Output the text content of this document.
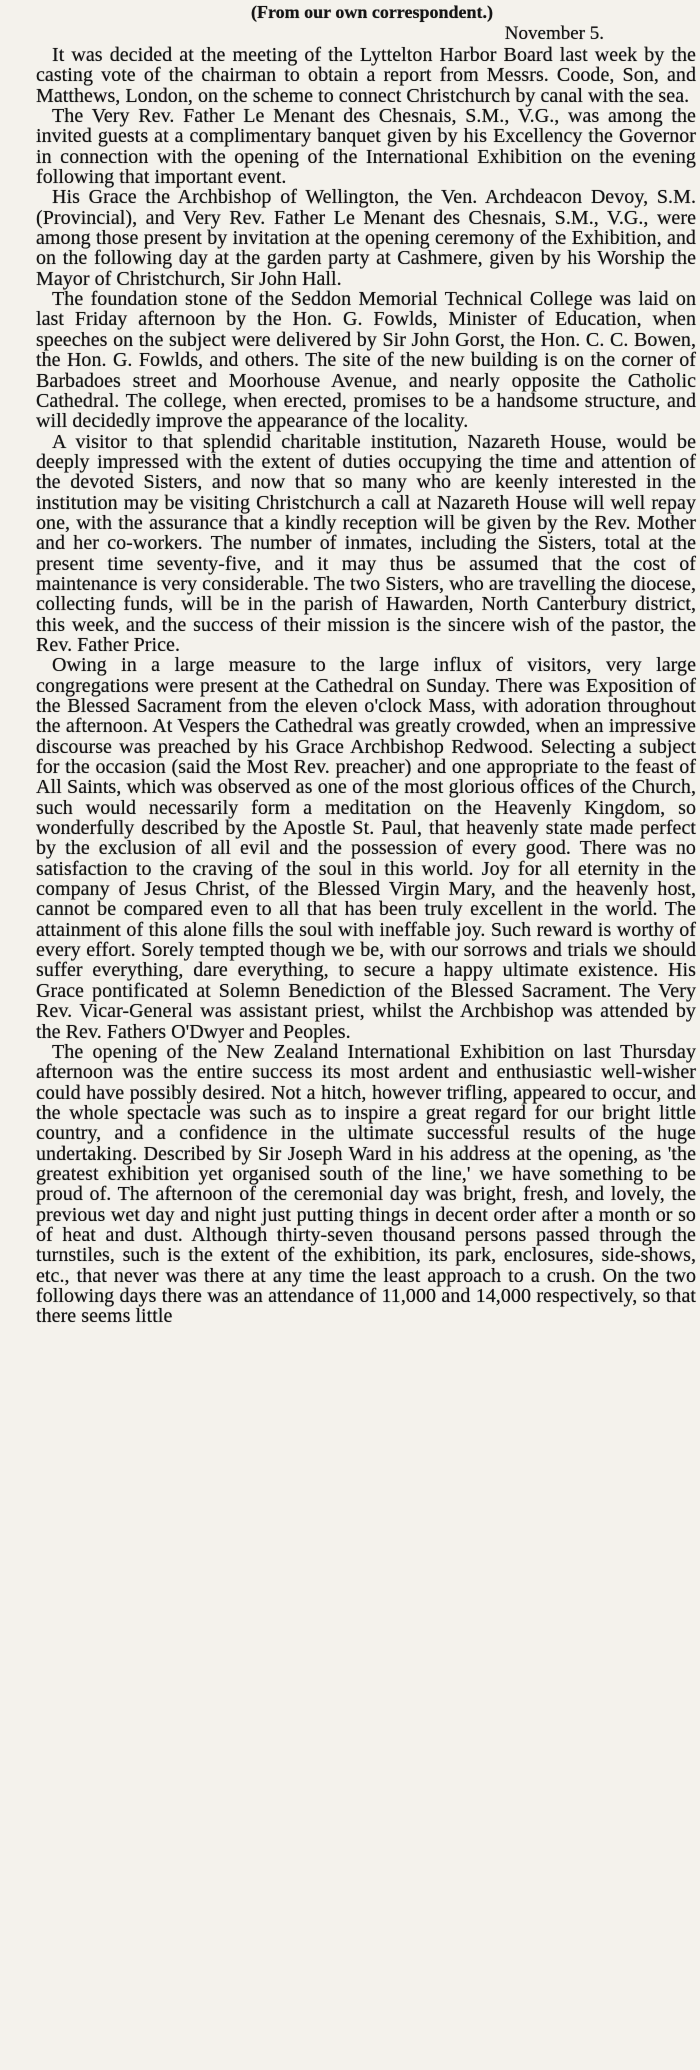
(From our own correspondent.)
November 5.

It was decided at the meeting of the Lyttelton Harbor Board last week by the casting vote of the chairman to obtain a report from Messrs. Coode, Son, and Matthews, London, on the scheme to connect Christchurch by canal with the sea.

The Very Rev. Father Le Menant des Chesnais, S.M., V.G., was among the invited guests at a complimentary banquet given by his Excellency the Governor in connection with the opening of the International Exhibition on the evening following that important event.

His Grace the Archbishop of Wellington, the Ven. Archdeacon Devoy, S.M. (Provincial), and Very Rev. Father Le Menant des Chesnais, S.M., V.G., were among those present by invitation at the opening ceremony of the Exhibition, and on the following day at the garden party at Cashmere, given by his Worship the Mayor of Christchurch, Sir John Hall.

The foundation stone of the Seddon Memorial Technical College was laid on last Friday afternoon by the Hon. G. Fowlds, Minister of Education, when speeches on the subject were delivered by Sir John Gorst, the Hon. C. C. Bowen, the Hon. G. Fowlds, and others. The site of the new building is on the corner of Barbadoes street and Moorhouse Avenue, and nearly opposite the Catholic Cathedral. The college, when erected, promises to be a handsome structure, and will decidedly improve the appearance of the locality.

A visitor to that splendid charitable institution, Nazareth House, would be deeply impressed with the extent of duties occupying the time and attention of the devoted Sisters, and now that so many who are keenly interested in the institution may be visiting Christchurch a call at Nazareth House will well repay one, with the assurance that a kindly reception will be given by the Rev. Mother and her co-workers. The number of inmates, including the Sisters, total at the present time seventy-five, and it may thus be assumed that the cost of maintenance is very considerable. The two Sisters, who are travelling the diocese, collecting funds, will be in the parish of Hawarden, North Canterbury district, this week, and the success of their mission is the sincere wish of the pastor, the Rev. Father Price.

Owing in a large measure to the large influx of visitors, very large congregations were present at the Cathedral on Sunday. There was Exposition of the Blessed Sacrament from the eleven o'clock Mass, with adoration throughout the afternoon. At Vespers the Cathedral was greatly crowded, when an impressive discourse was preached by his Grace Archbishop Redwood. Selecting a subject for the occasion (said the Most Rev. preacher) and one appropriate to the feast of All Saints, which was observed as one of the most glorious offices of the Church, such would necessarily form a meditation on the Heavenly Kingdom, so wonderfully described by the Apostle St. Paul, that heavenly state made perfect by the exclusion of all evil and the possession of every good. There was no satisfaction to the craving of the soul in this world. Joy for all eternity in the company of Jesus Christ, of the Blessed Virgin Mary, and the heavenly host, cannot be compared even to all that has been truly excellent in the world. The attainment of this alone fills the soul with ineffable joy. Such reward is worthy of every effort. Sorely tempted though we be, with our sorrows and trials we should suffer everything, dare everything, to secure a happy ultimate existence. His Grace pontificated at Solemn Benediction of the Blessed Sacrament. The Very Rev. Vicar-General was assistant priest, whilst the Archbishop was attended by the Rev. Fathers O'Dwyer and Peoples.

The opening of the New Zealand International Exhibition on last Thursday afternoon was the entire success its most ardent and enthusiastic well-wisher could have possibly desired. Not a hitch, however trifling, appeared to occur, and the whole spectacle was such as to inspire a great regard for our bright little country, and a confidence in the ultimate successful results of the huge undertaking. Described by Sir Joseph Ward in his address at the opening, as 'the greatest exhibition yet organised south of the line,' we have something to be proud of. The afternoon of the ceremonial day was bright, fresh, and lovely, the previous wet day and night just putting things in decent order after a month or so of heat and dust. Although thirty-seven thousand persons passed through the turnstiles, such is the extent of the exhibition, its park, enclosures, side-shows, etc., that never was there at any time the least approach to a crush. On the two following days there was an attendance of 11,000 and 14,000 respectively, so that there seems little
